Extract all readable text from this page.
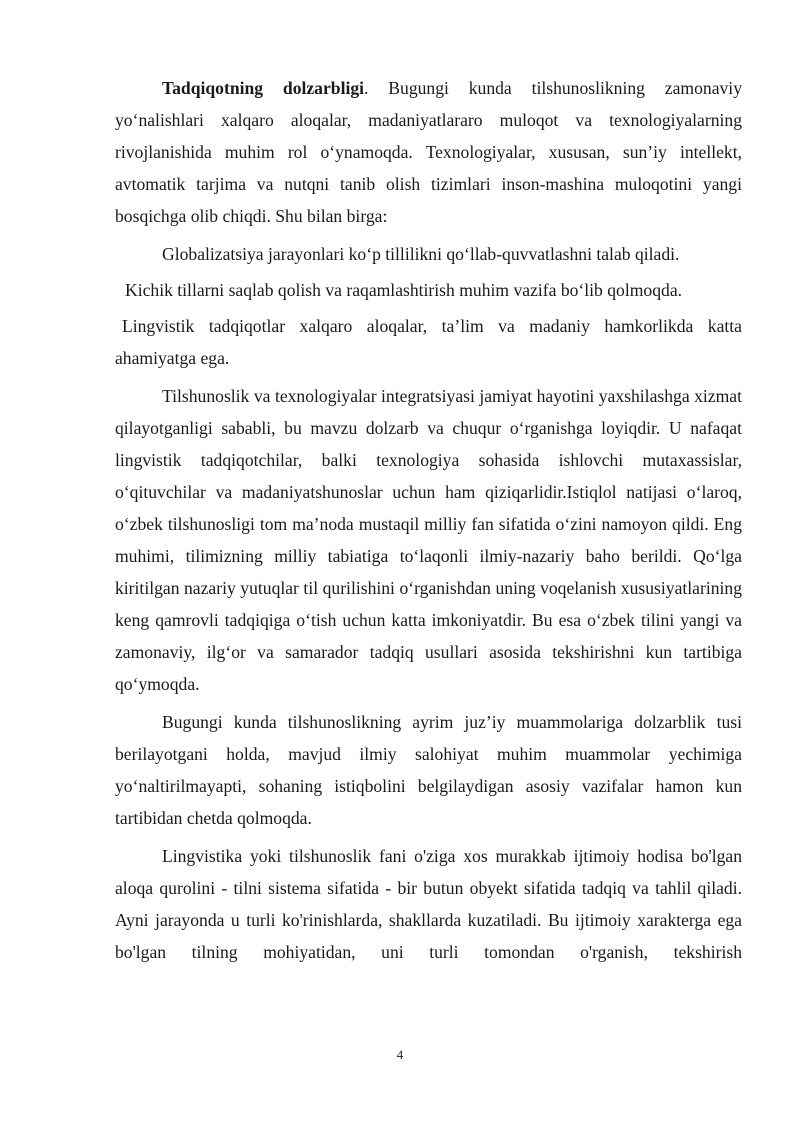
Tadqiqotning dolzarbligi. Bugungi kunda tilshunoslikning zamonaviy yo‘nalishlari xalqaro aloqalar, madaniyatlararo muloqot va texnologiyalarning rivojlanishida muhim rol o‘ynamoqda. Texnologiyalar, xususan, sun’iy intellekt, avtomatik tarjima va nutqni tanib olish tizimlari inson-mashina muloqotini yangi bosqichga olib chiqdi. Shu bilan birga:

Globalizatsiya jarayonlari ko‘p tillilikni qo‘llab-quvvatlashni talab qiladi.

Kichik tillarni saqlab qolish va raqamlashtirish muhim vazifa bo‘lib qolmoqda.

Lingvistik tadqiqotlar xalqaro aloqalar, ta’lim va madaniy hamkorlikda katta ahamiyatga ega.

Tilshunoslik va texnologiyalar integratsiyasi jamiyat hayotini yaxshilashga xizmat qilayotganligi sababli, bu mavzu dolzarb va chuqur o‘rganishga loyiqdir. U nafaqat lingvistik tadqiqotchilar, balki texnologiya sohasida ishlovchi mutaxassislar, o‘qituvchilar va madaniyatshunoslar uchun ham qiziqarlidir.Istiqlol natijasi o‘laroq, o‘zbek tilshunosligi tom ma’noda mustaqil milliy fan sifatida o‘zini namoyon qildi. Eng muhimi, tilimizning milliy tabiatiga to‘laqonli ilmiy-nazariy baho berildi. Qo‘lga kiritilgan nazariy yutuqlar til qurilishini o‘rganishdan uning voqelanish xususiyatlarining keng qamrovli tadqiqiga o‘tish uchun katta imkoniyatdir. Bu esa o‘zbek tilini yangi va zamonaviy, ilg‘or va samarador tadqiq usullari asosida tekshirishni kun tartibiga qo‘ymoqda.

Bugungi kunda tilshunoslikning ayrim juz’iy muammolariga dolzarblik tusi berilayotgani holda, mavjud ilmiy salohiyat muhim muammolar yechimiga yo‘naltirilmayapti, sohaning istiqbolini belgilaydigan asosiy vazifalar hamon kun tartibidan chetda qolmoqda.

Lingvistika yoki tilshunoslik fani o'ziga xos murakkab ijtimoiy hodisa bo'lgan aloqa qurolini - tilni sistema sifatida - bir butun obyekt sifatida tadqiq va tahlil qiladi. Ayni jarayonda u turli ko'rinishlarda, shakllarda kuzatiladi. Bu ijtimoiy xarakterga ega bo'lgan tilning mohiyatidan, uni turli tomondan o'rganish, tekshirish

4
